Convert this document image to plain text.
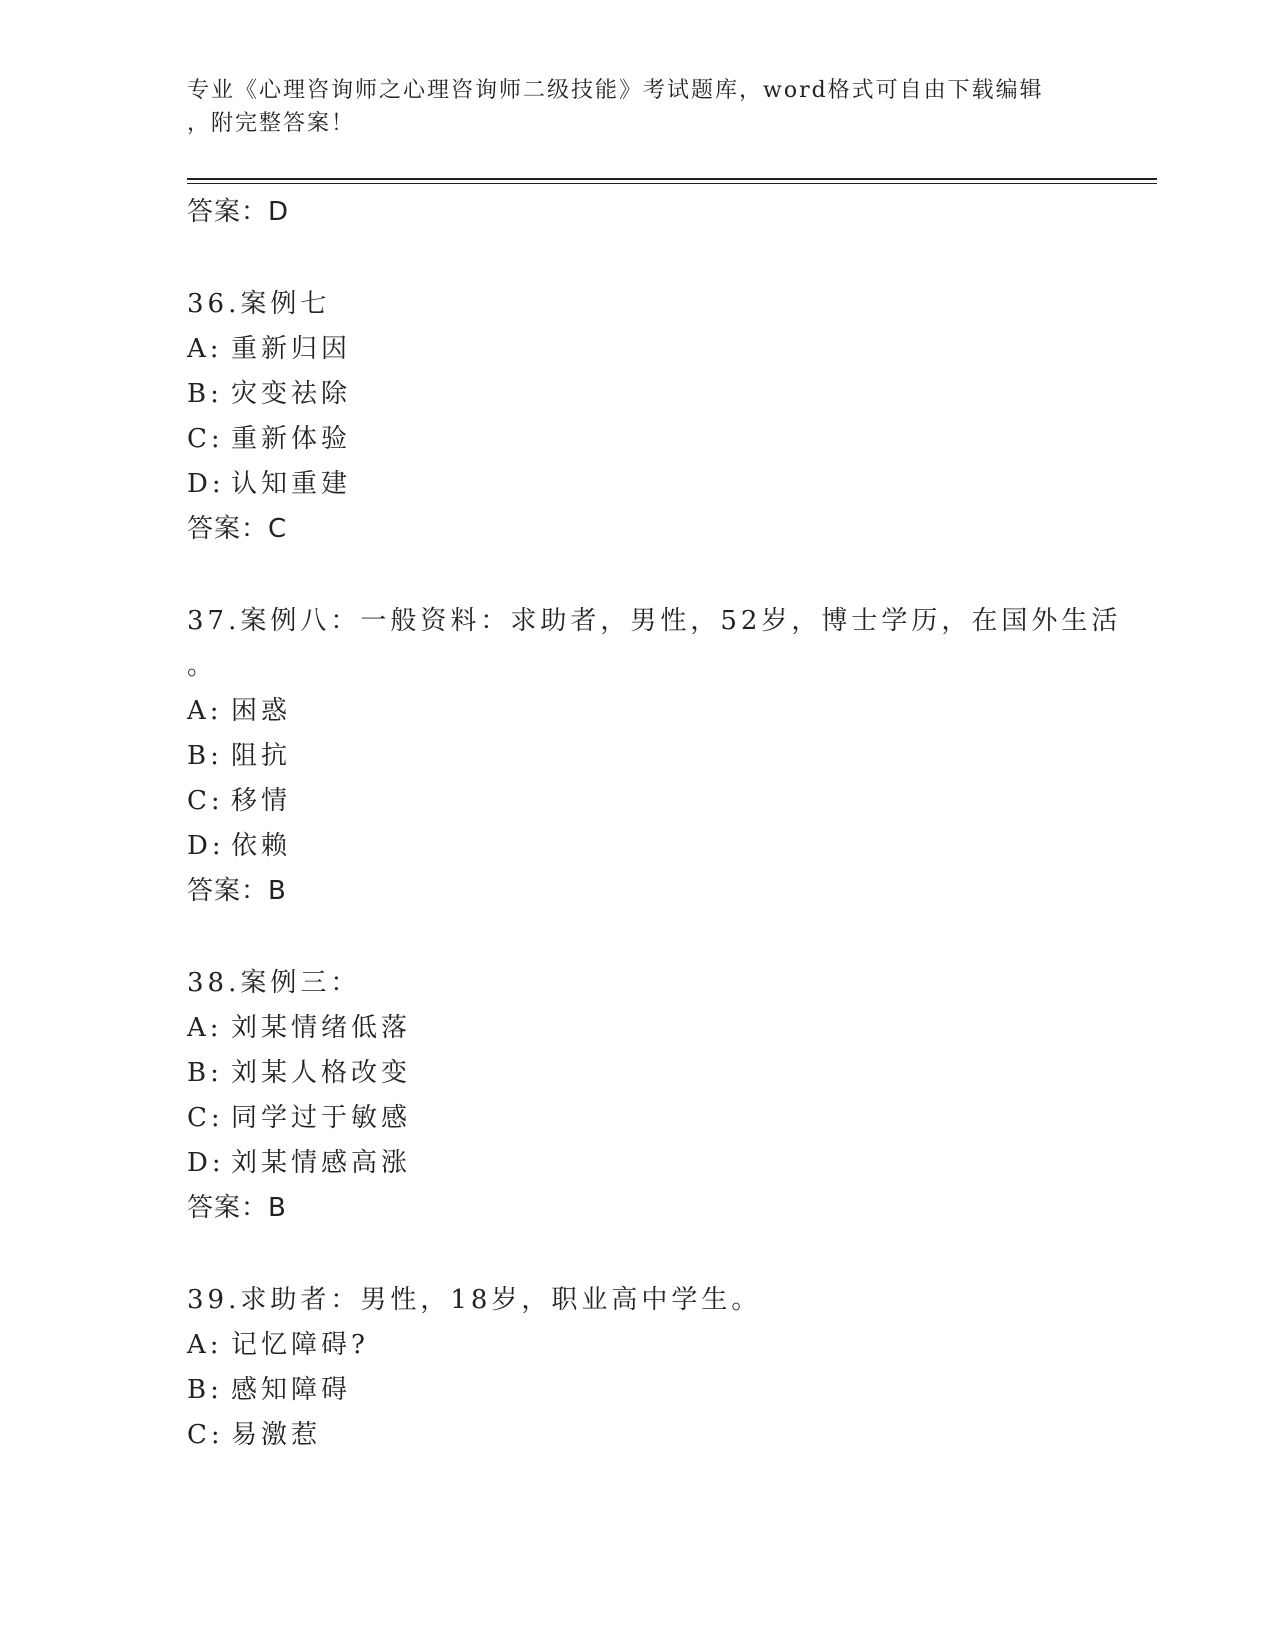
专业《心理咨询师之心理咨询师二级技能》考试题库，word格式可自由下载编辑
，附完整答案！
答案：D
36.案例七
A: 重新归因
B: 灾变祛除
C: 重新体验
D: 认知重建
答案：C
37.案例八：一般资料：求助者，男性，52岁，博士学历，在国外生活
。
A: 困惑
B: 阻抗
C: 移情
D: 依赖
答案：B
38.案例三：
A: 刘某情绪低落
B: 刘某人格改变
C: 同学过于敏感
D: 刘某情感高涨
答案：B
39.求助者：男性，18岁，职业高中学生。
A: 记忆障碍?
B: 感知障碍
C: 易激惹
